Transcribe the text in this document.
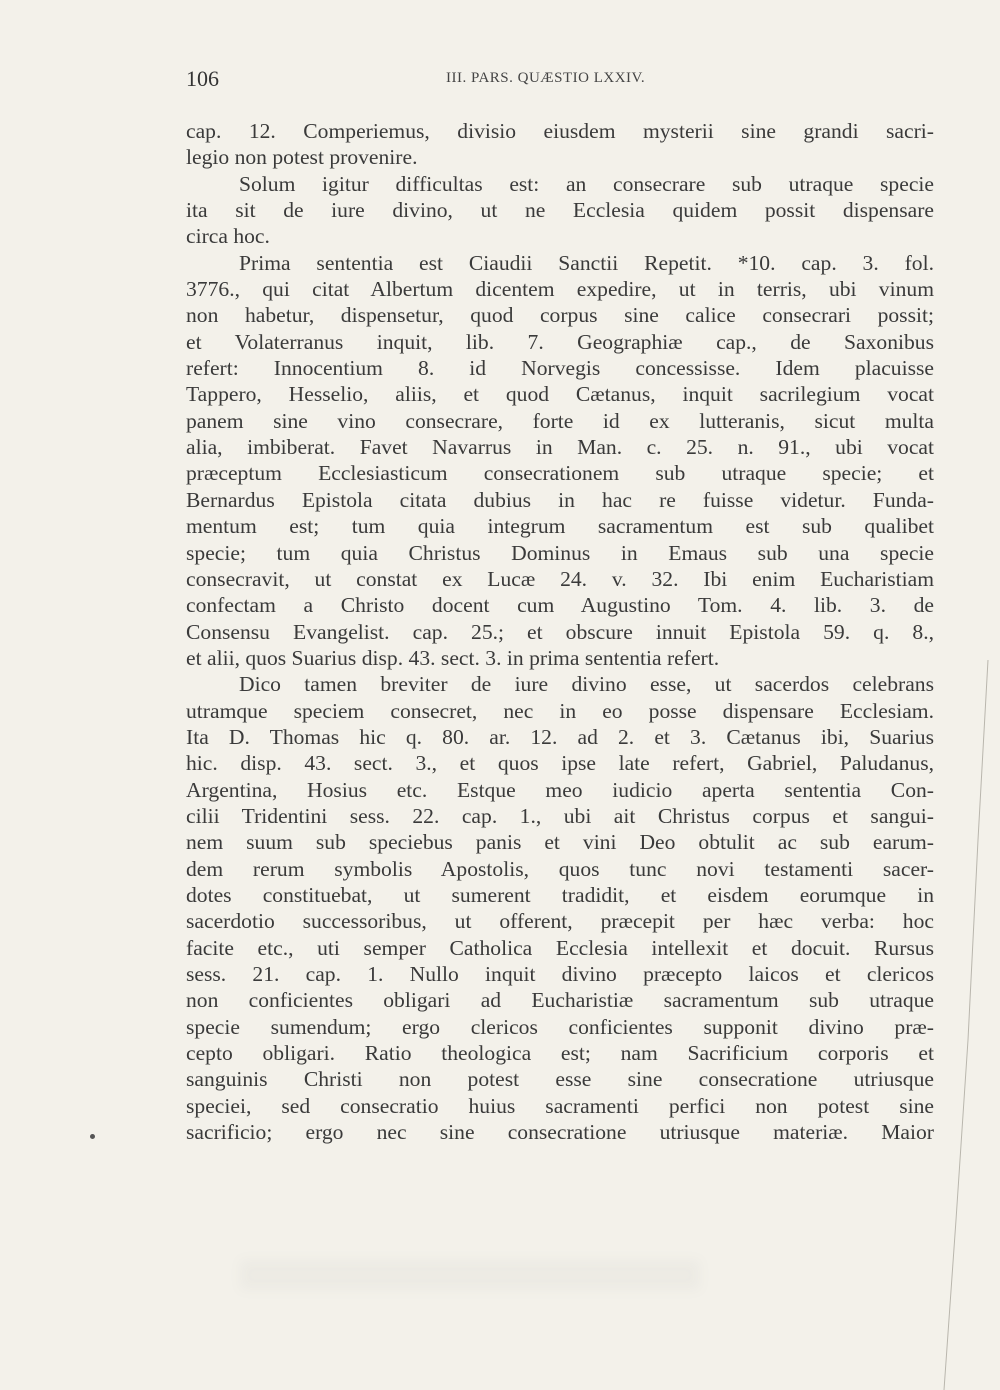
106	III. PARS. QUÆSTIO LXXIV.
cap. 12. Comperiemus, divisio eiusdem mysterii sine grandi sacri-
legio non potest provenire.
Solum igitur difficultas est: an consecrare sub utraque specie
ita sit de iure divino, ut ne Ecclesia quidem possit dispensare
circa hoc.
Prima sententia est Ciaudii Sanctii Repetit. *10. cap. 3. fol.
3776., qui citat Albertum dicentem expedire, ut in terris, ubi vinum
non habetur, dispensetur, quod corpus sine calice consecrari possit;
et Volaterranus inquit, lib. 7. Geographiæ cap., de Saxonibus
refert: Innocentium 8. id Norvegis concessisse. Idem placuisse
Tappero, Hesselio, aliis, et quod Cætanus, inquit sacrilegium vocat
panem sine vino consecrare, forte id ex lutteranis, sicut multa
alia, imbiberat. Favet Navarrus in Man. c. 25. n. 91., ubi vocat
præceptum Ecclesiasticum consecrationem sub utraque specie; et
Bernardus Epistola citata dubius in hac re fuisse videtur. Funda-
mentum est; tum quia integrum sacramentum est sub qualibet
specie; tum quia Christus Dominus in Emaus sub una specie
consecravit, ut constat ex Lucæ 24. v. 32. Ibi enim Eucharistiam
confectam a Christo docent cum Augustino Tom. 4. lib. 3. de
Consensu Evangelist. cap. 25.; et obscure innuit Epistola 59. q. 8.,
et alii, quos Suarius disp. 43. sect. 3. in prima sententia refert.
Dico tamen breviter de iure divino esse, ut sacerdos celebrans
utramque speciem consecret, nec in eo posse dispensare Ecclesiam.
Ita D. Thomas hic q. 80. ar. 12. ad 2. et 3. Cætanus ibi, Suarius
hic. disp. 43. sect. 3., et quos ipse late refert, Gabriel, Paludanus,
Argentina, Hosius etc. Estque meo iudicio aperta sententia Con-
cilii Tridentini sess. 22. cap. 1., ubi ait Christus corpus et sangui-
nem suum sub speciebus panis et vini Deo obtulit ac sub earum-
dem rerum symbolis Apostolis, quos tunc novi testamenti sacer-
dotes constituebat, ut sumerent tradidit, et eisdem eorumque in
sacerdotio successoribus, ut offerent, præcepit per hæc verba: hoc
facite etc., uti semper Catholica Ecclesia intellexit et docuit. Rursus
sess. 21. cap. 1. Nullo inquit divino præcepto laicos et clericos
non conficientes obligari ad Eucharistiæ sacramentum sub utraque
specie sumendum; ergo clericos conficientes supponit divino præ-
cepto obligari. Ratio theologica est; nam Sacrificium corporis et
sanguinis Christi non potest esse sine consecratione utriusque
speciei, sed consecratio huius sacramenti perfici non potest sine
sacrificio; ergo nec sine consecratione utriusque materiæ. Maior
